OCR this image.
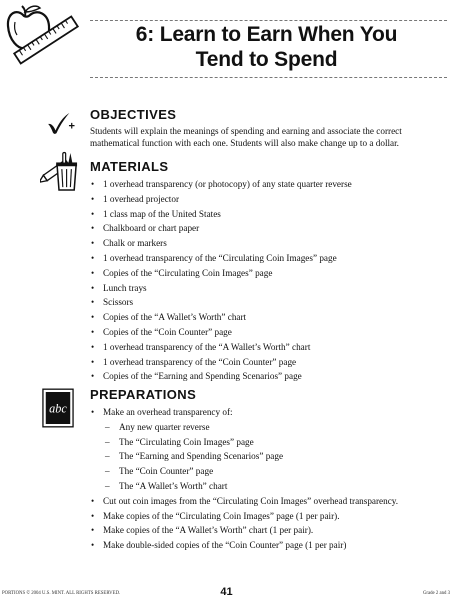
6: Learn to Earn When You
Tend to Spend
+
abc
OBJECTIVES
Students will explain the meanings of spending and earning and associate the correct mathematical function with each one. Students will also make change up to a dollar.
MATERIALS
• 1 overhead transparency (or photocopy) of any state quarter reverse
• 1 overhead projector
• 1 class map of the United States
• Chalkboard or chart paper
• Chalk or markers
• 1 overhead transparency of the “Circulating Coin Images” page
• Copies of the “Circulating Coin Images” page
• Lunch trays
• Scissors
• Copies of the “A Wallet’s Worth” chart
• Copies of the “Coin Counter” page
• 1 overhead transparency of the “A Wallet’s Worth” chart
• 1 overhead transparency of the “Coin Counter” page
• Copies of the “Earning and Spending Scenarios” page
PREPARATIONS
• Make an overhead transparency of:
– Any new quarter reverse
– The “Circulating Coin Images” page
– The “Earning and Spending Scenarios” page
– The “Coin Counter” page
– The “A Wallet’s Worth” chart
• Cut out coin images from the “Circulating Coin Images” overhead transparency.
• Make copies of the “Circulating Coin Images” page (1 per pair).
• Make copies of the “A Wallet’s Worth” chart (1 per pair).
• Make double-sided copies of the “Coin Counter” page (1 per pair)
PORTIONS © 2004 U.S. MINT. ALL RIGHTS RESERVED.	41	Grade 2 and 3
